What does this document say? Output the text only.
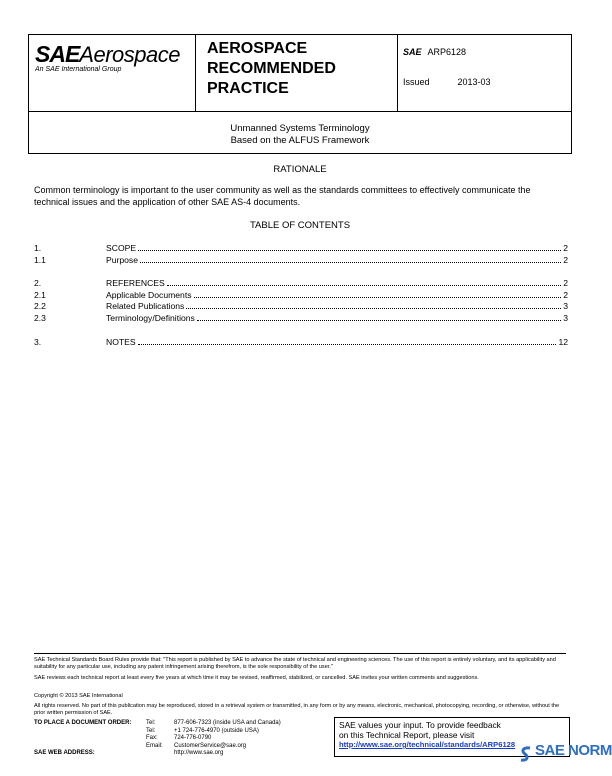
SAEAerospace
An SAE International Group
AEROSPACE
RECOMMENDED
PRACTICE
SAE ARP6128
Issued	2013-03
Unmanned Systems Terminology
Based on the ALFUS Framework
RATIONALE
Common terminology is important to the user community as well as the standards committees to effectively communicate the technical issues and the application of other SAE AS-4 documents.
TABLE OF CONTENTS
1.	SCOPE	2
1.1	Purpose	2
2.	REFERENCES	2
2.1	Applicable Documents	2
2.2	Related Publications	3
2.3	Terminology/Definitions	3
3.	NOTES	12
SAE Technical Standards Board Rules provide that: "This report is published by SAE to advance the state of technical and engineering sciences. The use of this report is entirely voluntary, and its applicability and suitability for any particular use, including any patent infringement arising therefrom, is the sole responsibility of the user."
SAE reviews each technical report at least every five years at which time it may be revised, reaffirmed, stabilized, or cancelled. SAE invites your written comments and suggestions.
Copyright © 2013 SAE International
All rights reserved. No part of this publication may be reproduced, stored in a retrieval system or transmitted, in any form or by any means, electronic, mechanical, photocopying, recording, or otherwise, without the prior written permission of SAE.
TO PLACE A DOCUMENT ORDER: Tel:	877-606-7323 (inside USA and Canada)
Tel:	+1 724-776-4970 (outside USA)
Fax:	724-776-0790
Email: CustomerService@sae.org
SAE WEB ADDRESS:	http://www.sae.org
SAE values your input. To provide feedback
on this Technical Report, please visit
http://www.sae.org/technical/standards/ARP6128	SAE NORM
